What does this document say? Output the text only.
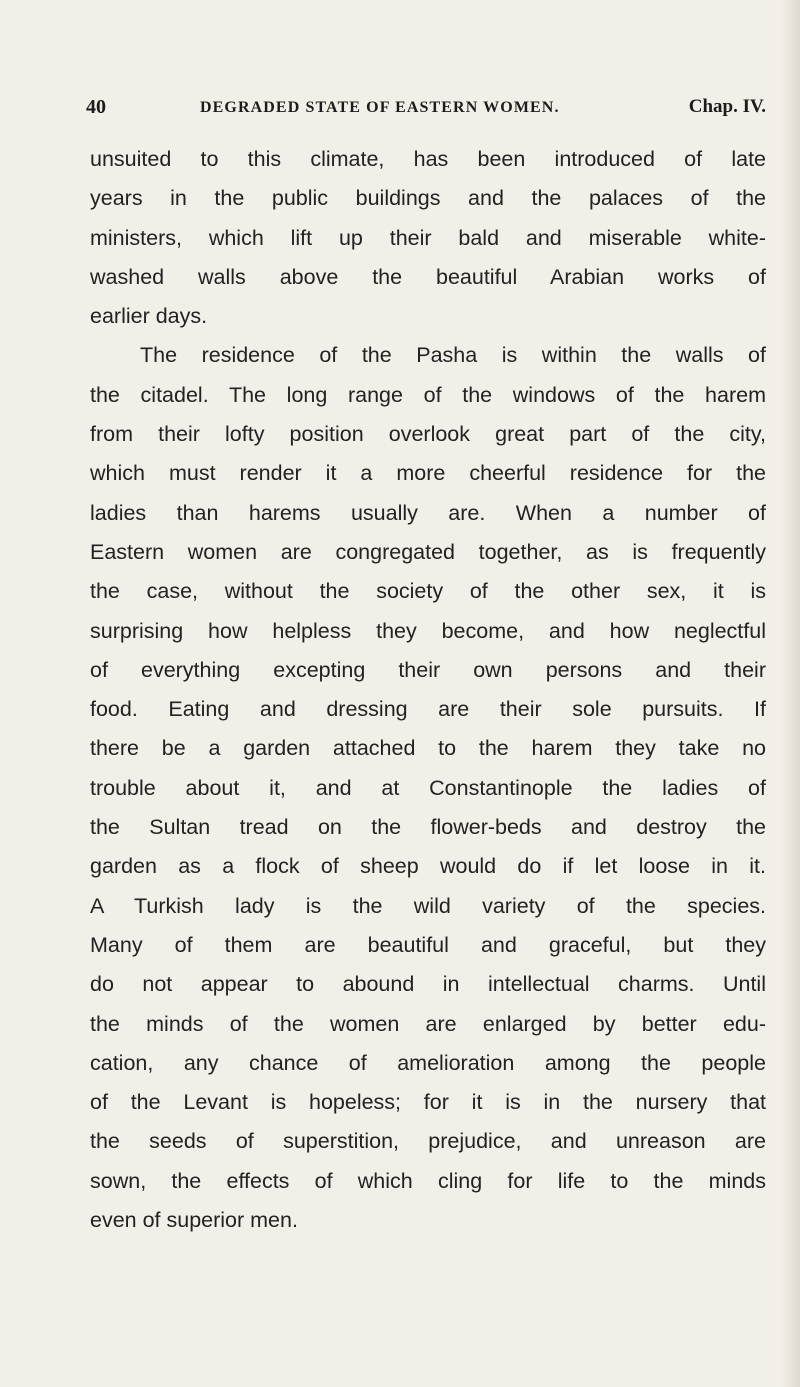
40	DEGRADED STATE OF EASTERN WOMEN.	Chap. IV.
unsuited to this climate, has been introduced of late
years in the public buildings and the palaces of the
ministers, which lift up their bald and miserable white-
washed walls above the beautiful Arabian works of
earlier days.
The residence of the Pasha is within the walls of
the citadel. The long range of the windows of the harem
from their lofty position overlook great part of the city,
which must render it a more cheerful residence for the
ladies than harems usually are. When a number of
Eastern women are congregated together, as is frequently
the case, without the society of the other sex, it is
surprising how helpless they become, and how neglectful
of everything excepting their own persons and their
food. Eating and dressing are their sole pursuits. If
there be a garden attached to the harem they take no
trouble about it, and at Constantinople the ladies of
the Sultan tread on the flower-beds and destroy the
garden as a flock of sheep would do if let loose in it.
A Turkish lady is the wild variety of the species.
Many of them are beautiful and graceful, but they
do not appear to abound in intellectual charms. Until
the minds of the women are enlarged by better edu-
cation, any chance of amelioration among the people
of the Levant is hopeless; for it is in the nursery that
the seeds of superstition, prejudice, and unreason are
sown, the effects of which cling for life to the minds
even of superior men.
